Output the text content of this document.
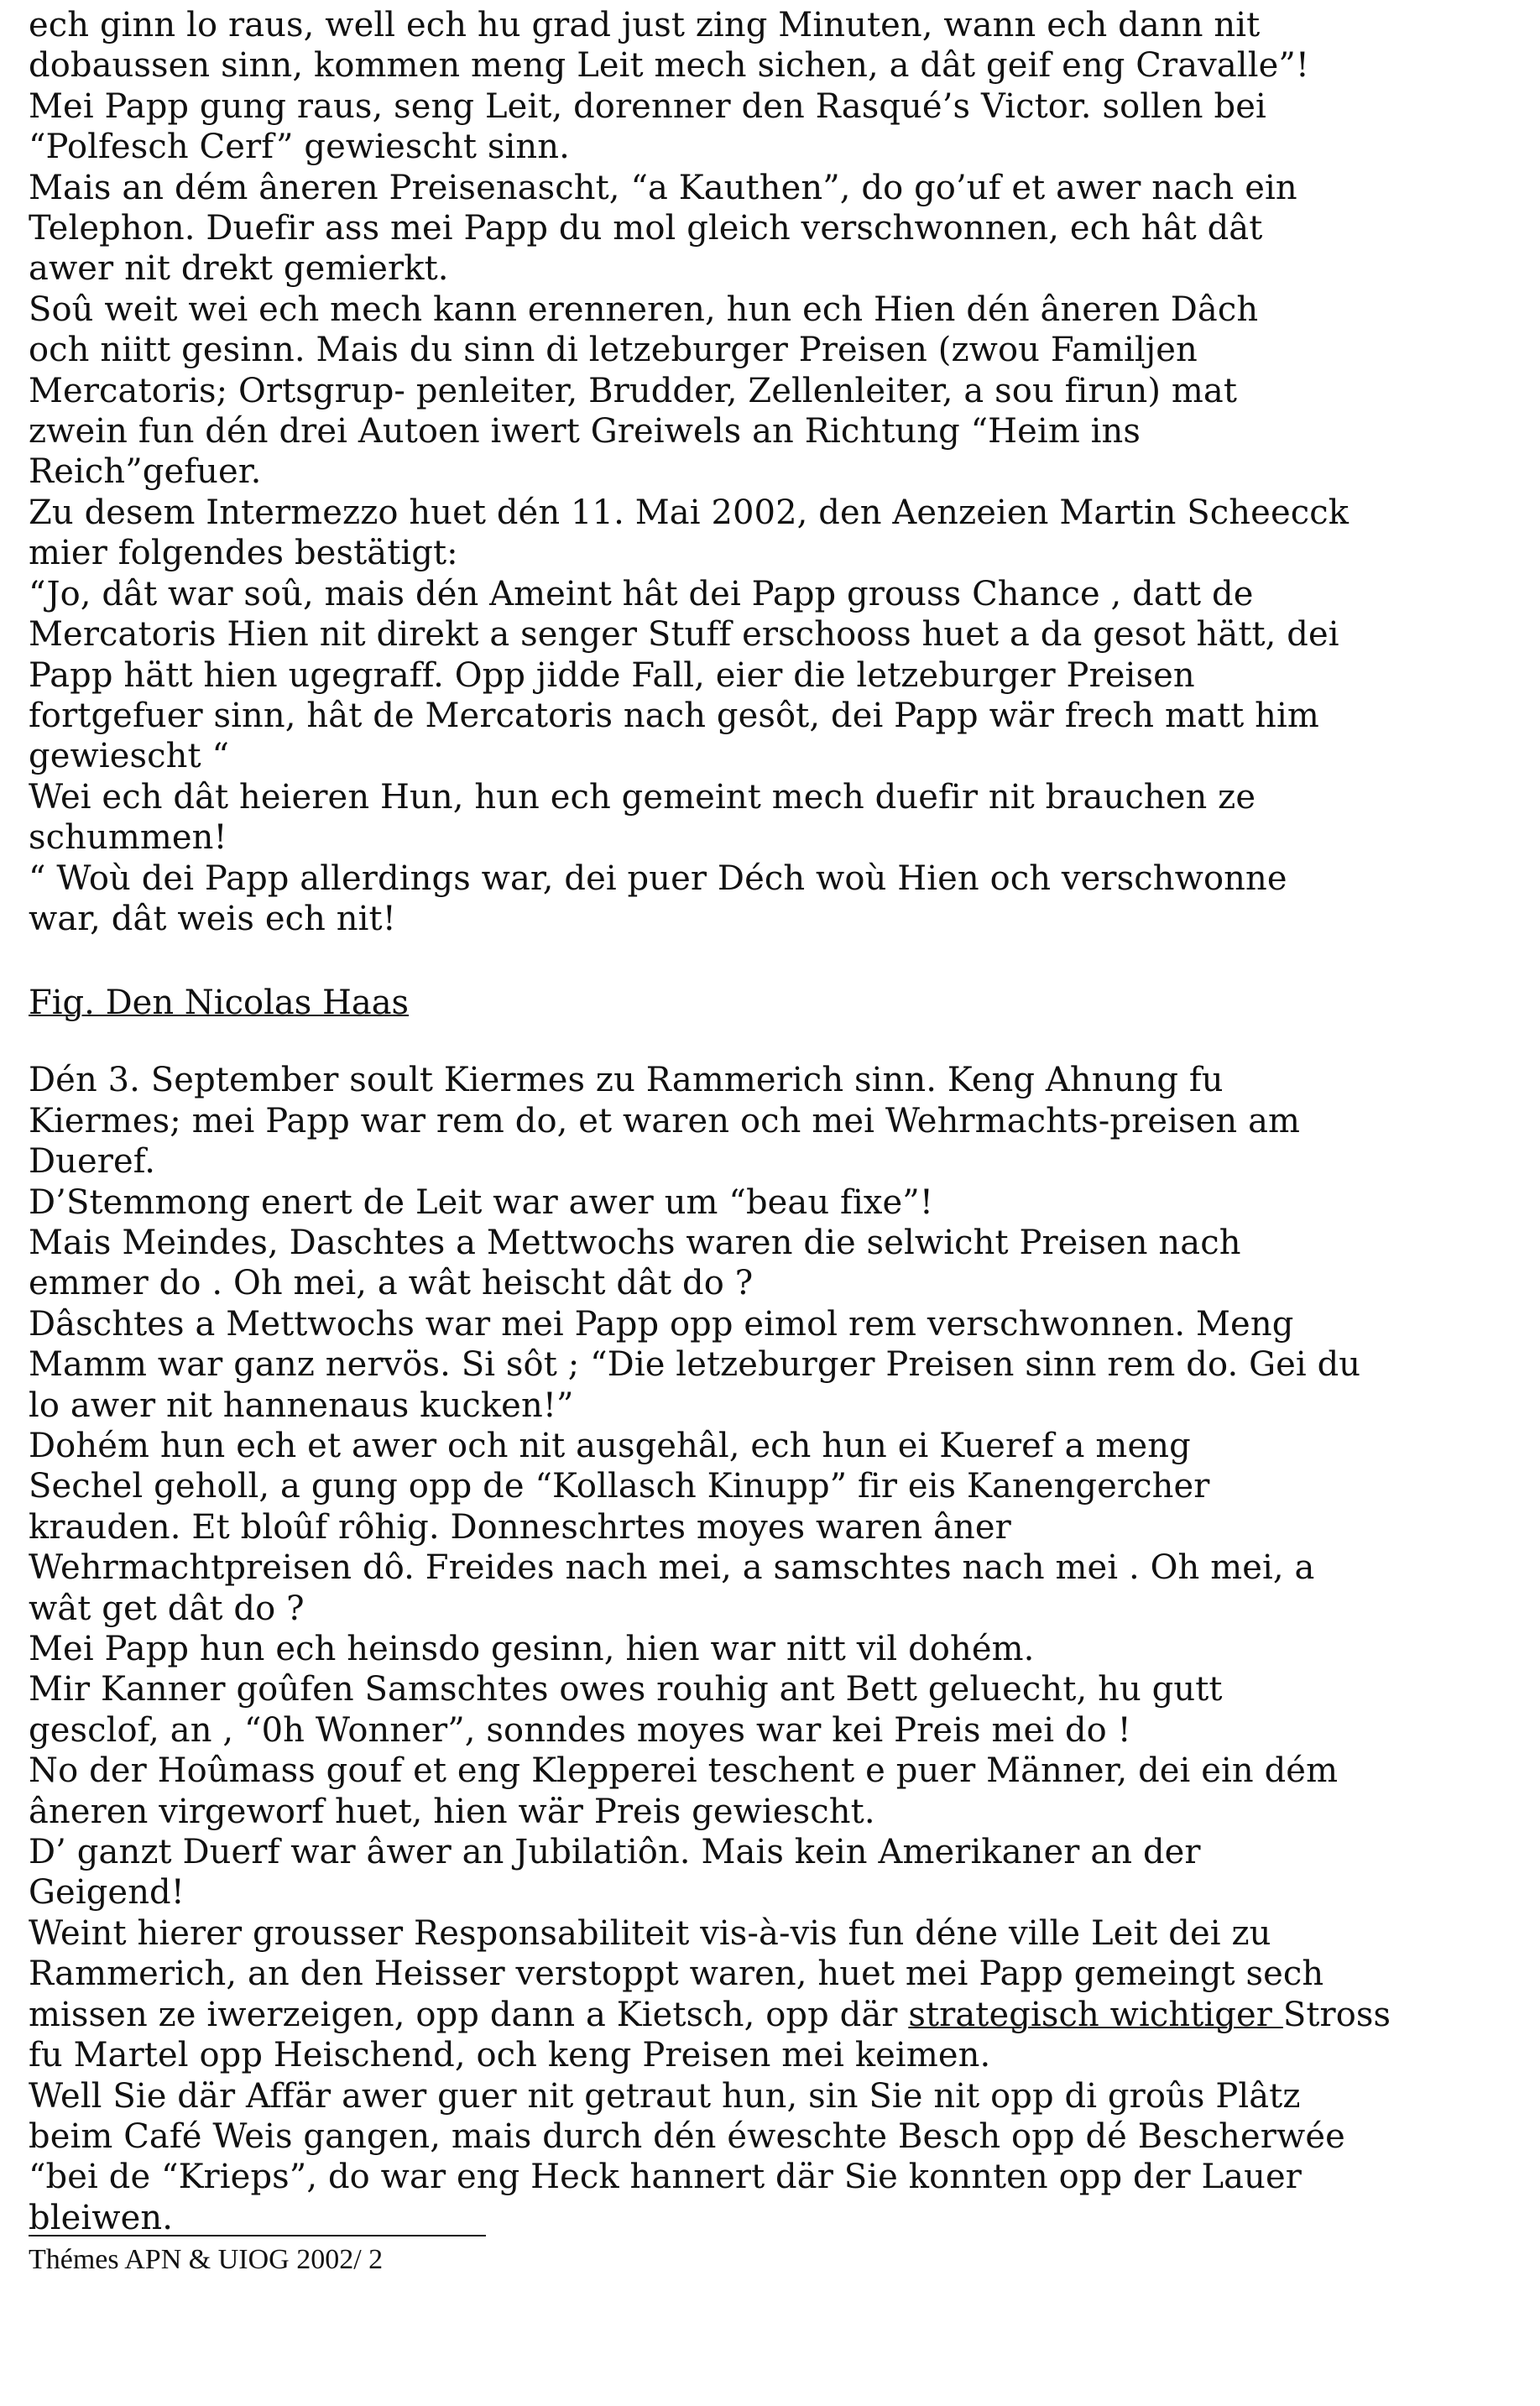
ech ginn lo raus, well ech hu grad just zing Minuten, wann ech dann nit
dobaussen sinn, kommen meng Leit mech sichen, a dât geif eng Cravalle”!
Mei Papp gung raus, seng Leit, dorenner den Rasqué’s Victor. sollen bei
“Polfesch Cerf” gewiescht sinn.
Mais an dém âneren Preisenascht, “a Kauthen”, do go’uf et awer nach ein
Telephon. Duefir ass mei Papp du mol gleich verschwonnen, ech hât dât
awer nit drekt gemierkt.
Soû weit wei ech mech kann erenneren, hun ech Hien dén âneren Dâch
och niitt gesinn. Mais du sinn di letzeburger Preisen (zwou Familjen
Mercatoris; Ortsgrup- penleiter, Brudder, Zellenleiter, a sou firun) mat
zwein fun dén drei Autoen iwert Greiwels an Richtung “Heim ins
Reich”gefuer.
Zu desem Intermezzo huet dén 11. Mai 2002, den Aenzeien Martin Scheecck
mier folgendes bestätigt:
“Jo, dât war soû, mais dén Ameint hât dei Papp grouss Chance , datt de
Mercatoris Hien nit direkt a senger Stuff erschooss huet a da gesot hätt, dei
Papp hätt hien ugegraff. Opp jidde Fall, eier die letzeburger Preisen
fortgefuer sinn, hât de Mercatoris nach gesôt, dei Papp wär frech matt him
gewiescht “
Wei ech dât heieren Hun, hun ech gemeint mech duefir nit brauchen ze
schummen!
“ Woù dei Papp allerdings war, dei puer Déch woù Hien och verschwonne
war, dât weis ech nit!
Fig. Den Nicolas Haas
Dén 3. September soult Kiermes zu Rammerich sinn. Keng Ahnung fu
Kiermes; mei Papp war rem do, et waren och mei Wehrmachts-preisen am
Dueref.
D’Stemmong enert de Leit war awer um “beau fixe”!
Mais Meindes, Daschtes a Mettwochs waren die selwicht Preisen nach
emmer do . Oh mei, a wât heischt dât do ?
Dâschtes a Mettwochs war mei Papp opp eimol rem verschwonnen. Meng
Mamm war ganz nervös. Si sôt ; “Die letzeburger Preisen sinn rem do. Gei du
lo awer nit hannenaus kucken!”
Dohém hun ech et awer och nit ausgehâl, ech hun ei Kueref a meng
Sechel geholl, a gung opp de “Kollasch Kinupp” fir eis Kanengercher
krauden. Et bloûf rôhig. Donneschrtes moyes waren âner
Wehrmachtpreisen dô. Freides nach mei, a samschtes nach mei . Oh mei, a
wât get dât do ?
Mei Papp hun ech heinsdo gesinn, hien war nitt vil dohém.
Mir Kanner goûfen Samschtes owes rouhig ant Bett geluecht, hu gutt
gesclof, an , “0h Wonner”, sonndes moyes war kei Preis mei do !
No der Hoûmass gouf et eng Klepperei teschent e puer Männer, dei ein dém
âneren virgeworf huet, hien wär Preis gewiescht.
D’ ganzt Duerf war âwer an Jubilatiôn. Mais kein Amerikaner an der
Geigend!
Weint hierer grousser Responsabiliteit vis-à-vis fun déne ville Leit dei zu
Rammerich, an den Heisser verstoppt waren, huet mei Papp gemeingt sech
missen ze iwerzeigen, opp dann a Kietsch, opp där strategisch wichtiger Stross
fu Martel opp Heischend, och keng Preisen mei keimen.
Well Sie där Affär awer guer nit getraut hun, sin Sie nit opp di groûs Plâtz
beim Café Weis gangen, mais durch dén éweschte Besch opp dé Bescherwée
“bei de “Krieps”, do war eng Heck hannert där Sie konnten opp der Lauer
bleiwen.
Thémes APN & UIOG 2002/ 2
